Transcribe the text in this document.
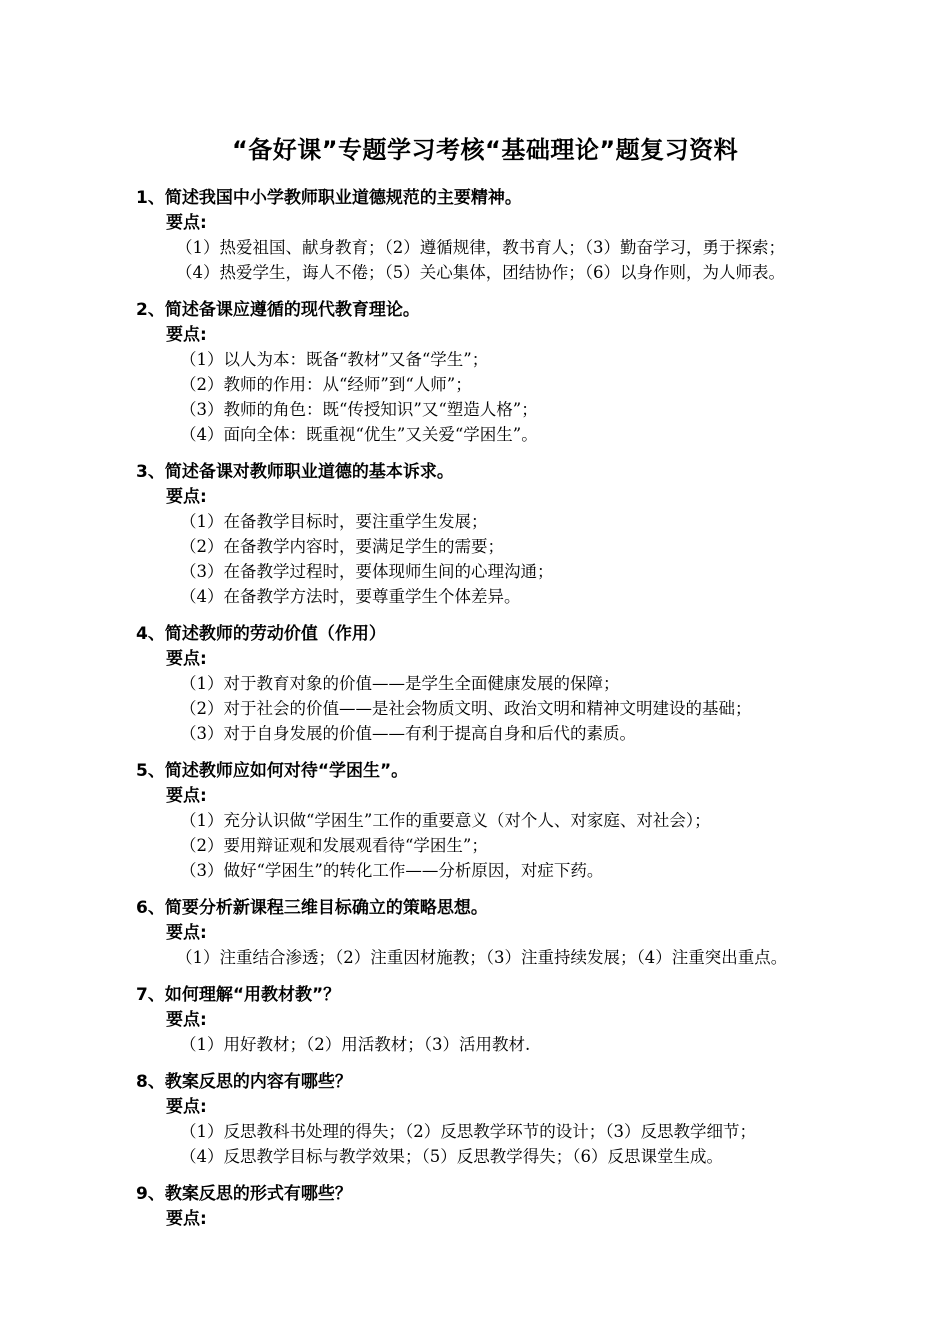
“备好课”专题学习考核“基础理论”题复习资料
1、简述我国中小学教师职业道德规范的主要精神。
要点:
（1）热爱祖国、献身教育；（2）遵循规律，教书育人；（3）勤奋学习，勇于探索；
（4）热爱学生，诲人不倦；（5）关心集体，团结协作；（6）以身作则，为人师表。
2、简述备课应遵循的现代教育理论。
要点:
（1）以人为本：既备“教材”又备“学生”；
（2）教师的作用：从“经师”到“人师”；
（3）教师的角色：既“传授知识”又“塑造人格”；
（4）面向全体：既重视“优生”又关爱“学困生”。
3、简述备课对教师职业道德的基本诉求。
要点:
（1）在备教学目标时，要注重学生发展；
（2）在备教学内容时，要满足学生的需要；
（3）在备教学过程时，要体现师生间的心理沟通；
（4）在备教学方法时，要尊重学生个体差异。
4、简述教师的劳动价值（作用）
要点:
（1）对于教育对象的价值——是学生全面健康发展的保障；
（2）对于社会的价值——是社会物质文明、政治文明和精神文明建设的基础；
（3）对于自身发展的价值——有利于提高自身和后代的素质。
5、简述教师应如何对待“学困生”。
要点:
（1）充分认识做“学困生”工作的重要意义（对个人、对家庭、对社会）；
（2）要用辩证观和发展观看待“学困生”；
（3）做好“学困生”的转化工作——分析原因，对症下药。
6、简要分析新课程三维目标确立的策略思想。
要点:
（1）注重结合渗透；（2）注重因材施教；（3）注重持续发展；（4）注重突出重点。
7、如何理解“用教材教”？
要点:
（1）用好教材；（2）用活教材；（3）活用教材.
8、教案反思的内容有哪些？
要点:
（1）反思教科书处理的得失；（2）反思教学环节的设计；（3）反思教学细节；
（4）反思教学目标与教学效果；（5）反思教学得失；（6）反思课堂生成。
9、教案反思的形式有哪些？
要点:
